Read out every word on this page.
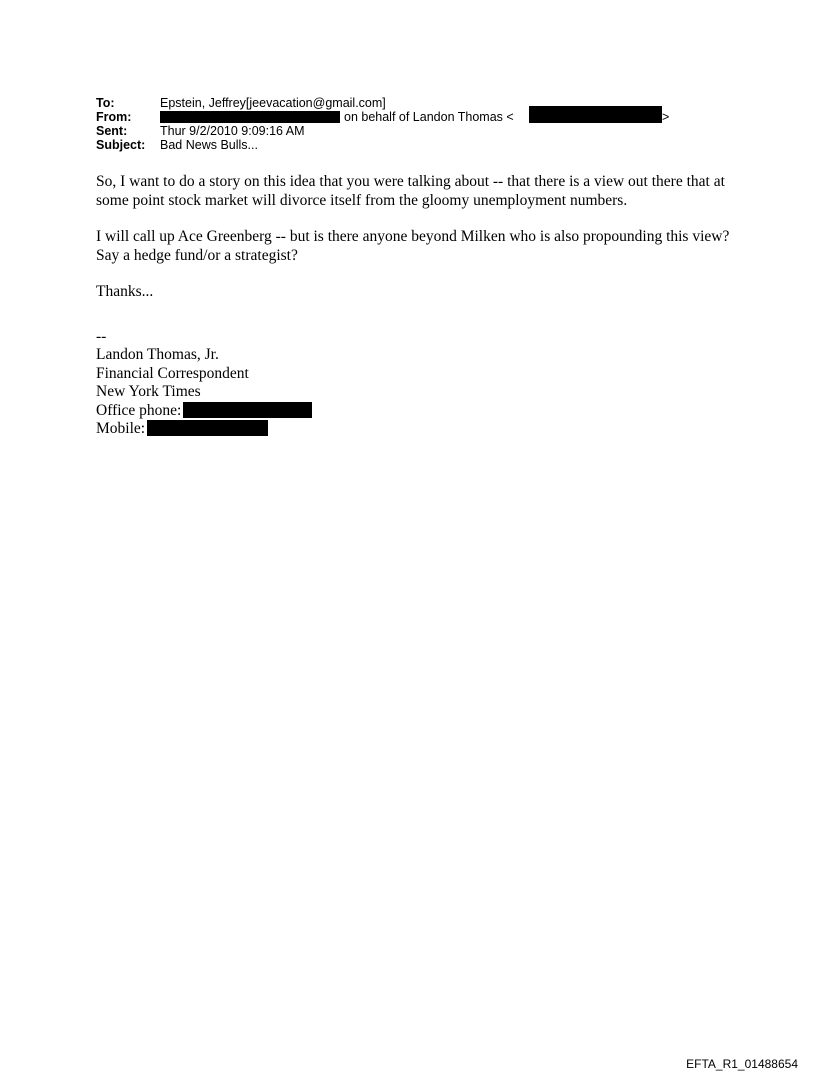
To:	Epstein, Jeffrey[jeevacation@gmail.com]
From:	on behalf of Landon Thomas <	>
Sent:	Thur 9/2/2010 9:09:16 AM
Subject: Bad News Bulls...

So, I want to do a story on this idea that you were talking about -- that there is a view out there that at some point stock market will divorce itself from the gloomy unemployment numbers.

I will call up Ace Greenberg -- but is there anyone beyond Milken who is also propounding this view? Say a hedge fund/or a strategist?

Thanks...

--
Landon Thomas, Jr.
Financial Correspondent
New York Times
Office phone:
Mobile:
EFTA_R1_01488654
